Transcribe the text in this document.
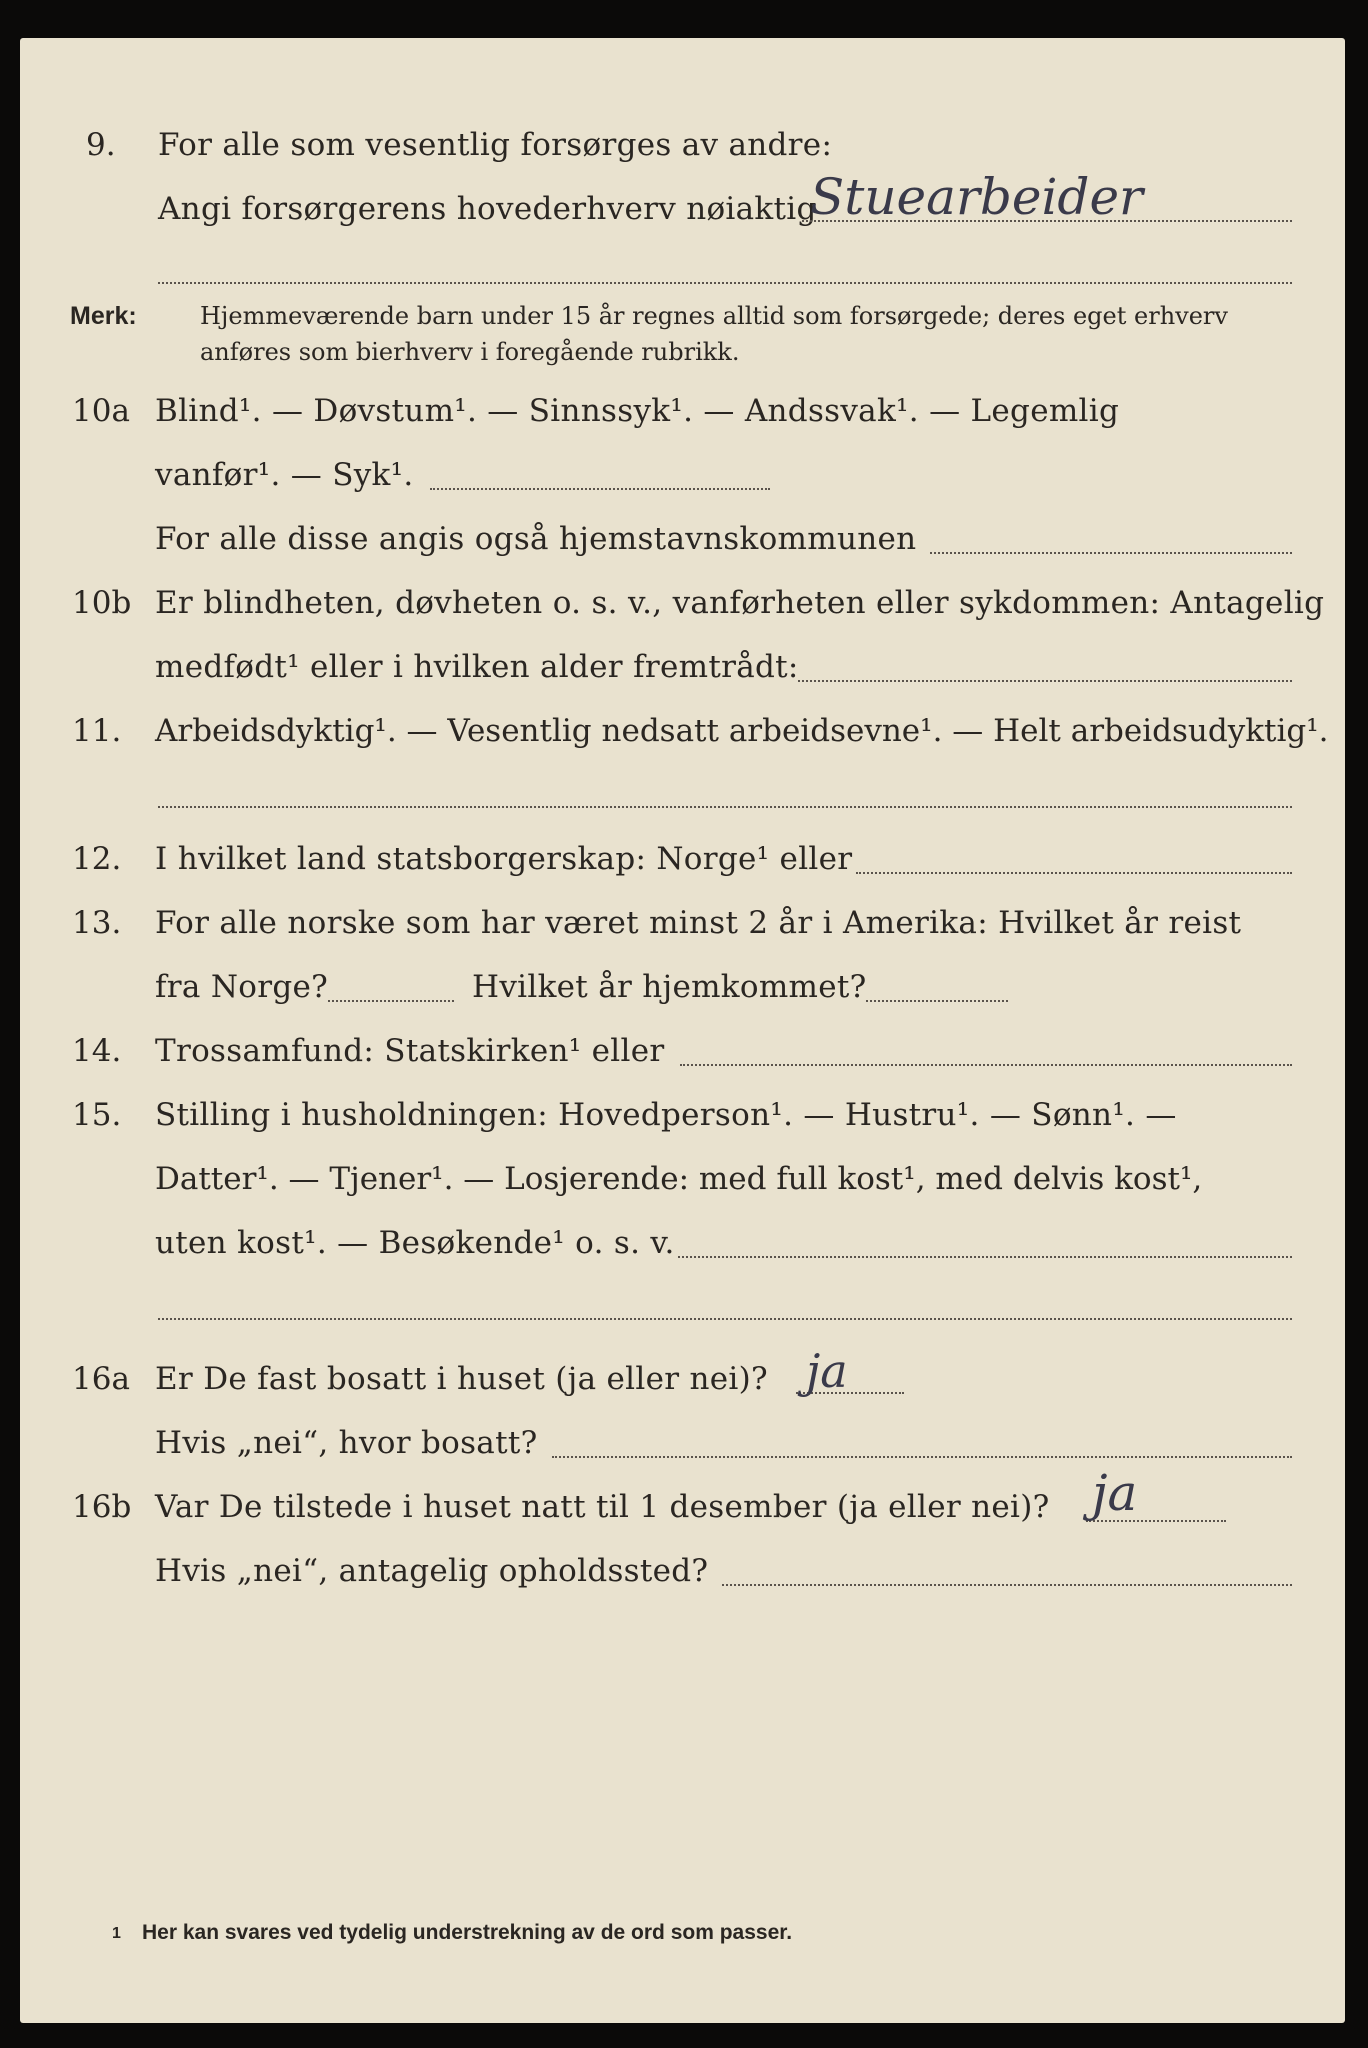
9. For alle som vesentlig forsørges av andre:
Angi forsørgerens hovederhverv nøiaktig
Stuearbeider
Merk:	Hjemmeværende barn under 15 år regnes alltid som forsørgede; deres eget erhverv
anføres som bierhverv i foregående rubrikk.
10a Blind¹. — Døvstum¹. — Sinnssyk¹. — Andssvak¹. — Legemlig
vanfør¹. — Syk¹.
For alle disse angis også hjemstavnskommunen
10b Er blindheten, døvheten o. s. v., vanførheten eller sykdommen: Antagelig
medfødt¹ eller i hvilken alder fremtrådt:
11. Arbeidsdyktig¹. — Vesentlig nedsatt arbeidsevne¹. — Helt arbeidsudyktig¹.
12. I hvilket land statsborgerskap: Norge¹ eller
13. For alle norske som har været minst 2 år i Amerika: Hvilket år reist
fra Norge?	Hvilket år hjemkommet?
14. Trossamfund: Statskirken¹ eller
15. Stilling i husholdningen: Hovedperson¹. — Hustru¹. — Sønn¹. —
Datter¹. — Tjener¹. — Losjerende: med full kost¹, med delvis kost¹,
uten kost¹. — Besøkende¹ o. s. v.
16a Er De fast bosatt i huset (ja eller nei)? ja
Hvis „nei“, hvor bosatt?
16b Var De tilstede i huset natt til 1 desember (ja eller nei)? ja
Hvis „nei“, antagelig opholdssted?
1 Her kan svares ved tydelig understrekning av de ord som passer.
